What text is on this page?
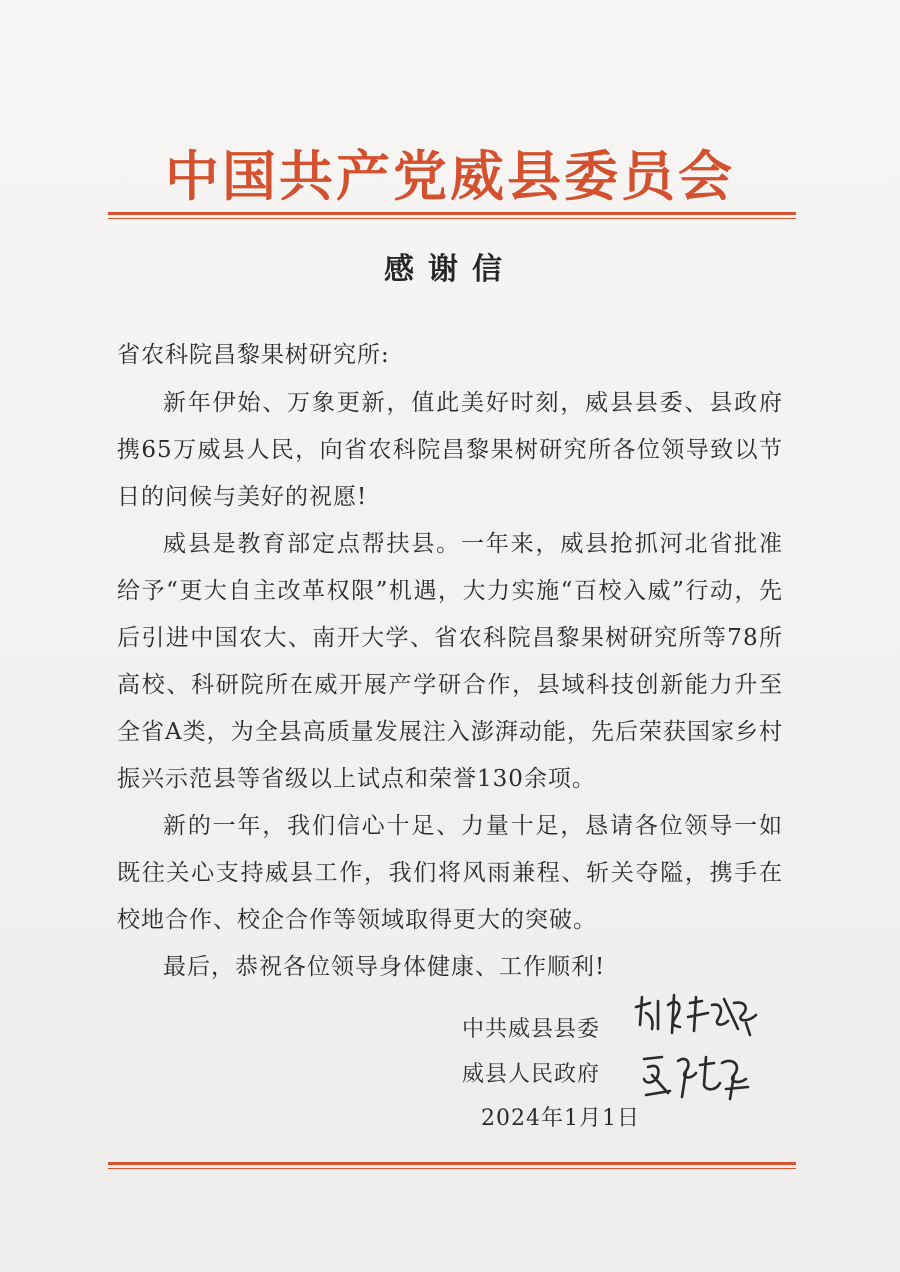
中国共产党威县委员会
感谢信
省农科院昌黎果树研究所:

新年伊始、万象更新，值此美好时刻，威县县委、县政府携65万威县人民，向省农科院昌黎果树研究所各位领导致以节日的问候与美好的祝愿!

威县是教育部定点帮扶县。一年来，威县抢抓河北省批准给予“更大自主改革权限”机遇，大力实施“百校入威”行动，先后引进中国农大、南开大学、省农科院昌黎果树研究所等78所高校、科研院所在威开展产学研合作，县域科技创新能力升至全省A类，为全县高质量发展注入澎湃动能，先后荣获国家乡村振兴示范县等省级以上试点和荣誉130余项。

新的一年，我们信心十足、力量十足，恳请各位领导一如既往关心支持威县工作，我们将风雨兼程、斩关夺隘，携手在校地合作、校企合作等领域取得更大的突破。

最后，恭祝各位领导身体健康、工作顺利!

中共威县县委
威县人民政府
2024年1月1日
